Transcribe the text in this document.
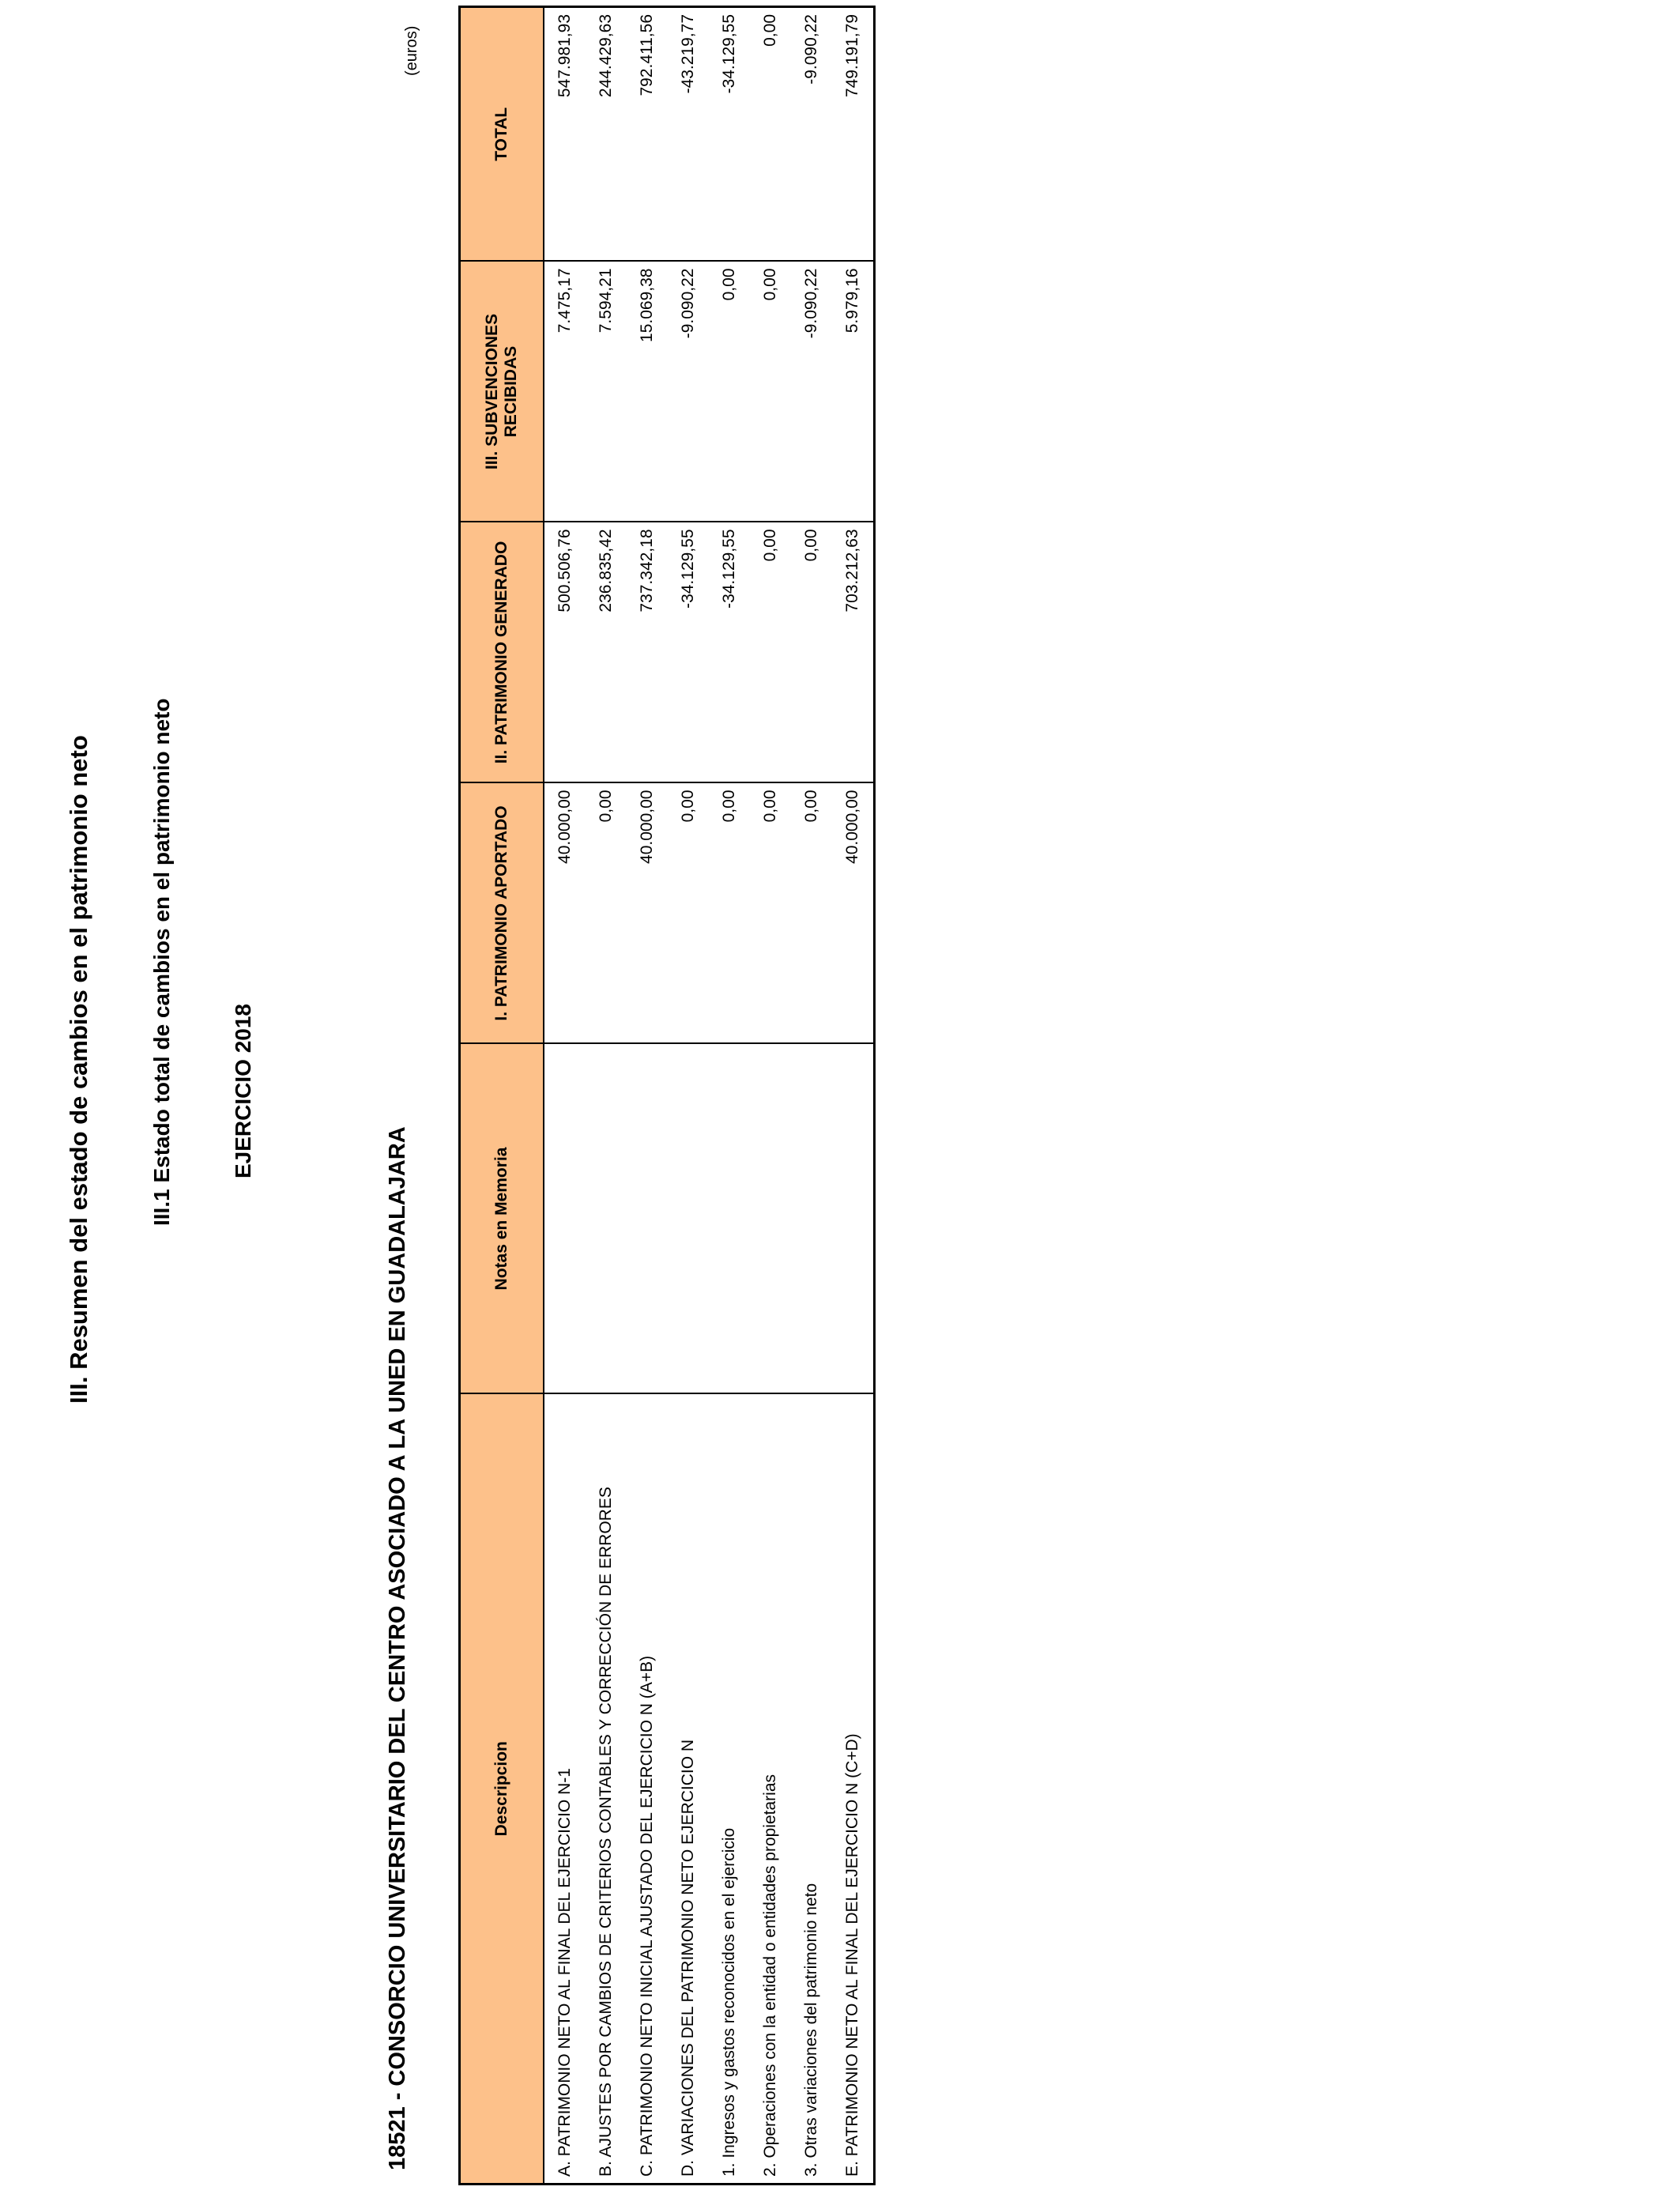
III. Resumen del estado de cambios en el patrimonio neto	III.1 Estado total de cambios en el patrimonio neto	EJERCICIO 2018
18521 - CONSORCIO UNIVERSITARIO DEL CENTRO ASOCIADO A LA UNED EN GUADALAJARA
(euros)
Descripcion	Notas en Memoria	I. PATRIMONIO APORTADO	II. PATRIMONIO GENERADO	III. SUBVENCIONES RECIBIDAS	TOTAL
A. PATRIMONIO NETO AL FINAL DEL EJERCICIO N-1		40.000,00	500.506,76	7.475,17	547.981,93
B. AJUSTES POR CAMBIOS DE CRITERIOS CONTABLES Y CORRECCIÓN DE ERRORES		0,00	236.835,42	7.594,21	244.429,63
C. PATRIMONIO NETO INICIAL AJUSTADO DEL EJERCICIO N (A+B)		40.000,00	737.342,18	15.069,38	792.411,56
D. VARIACIONES DEL PATRIMONIO NETO EJERCICIO N		0,00	-34.129,55	-9.090,22	-43.219,77
1. Ingresos y gastos reconocidos en el ejercicio		0,00	-34.129,55	0,00	-34.129,55
2. Operaciones con la entidad o entidades propietarias		0,00	0,00	0,00	0,00
3. Otras variaciones del patrimonio neto		0,00	0,00	-9.090,22	-9.090,22
E. PATRIMONIO NETO AL FINAL DEL EJERCICIO N (C+D)		40.000,00	703.212,63	5.979,16	749.191,79
